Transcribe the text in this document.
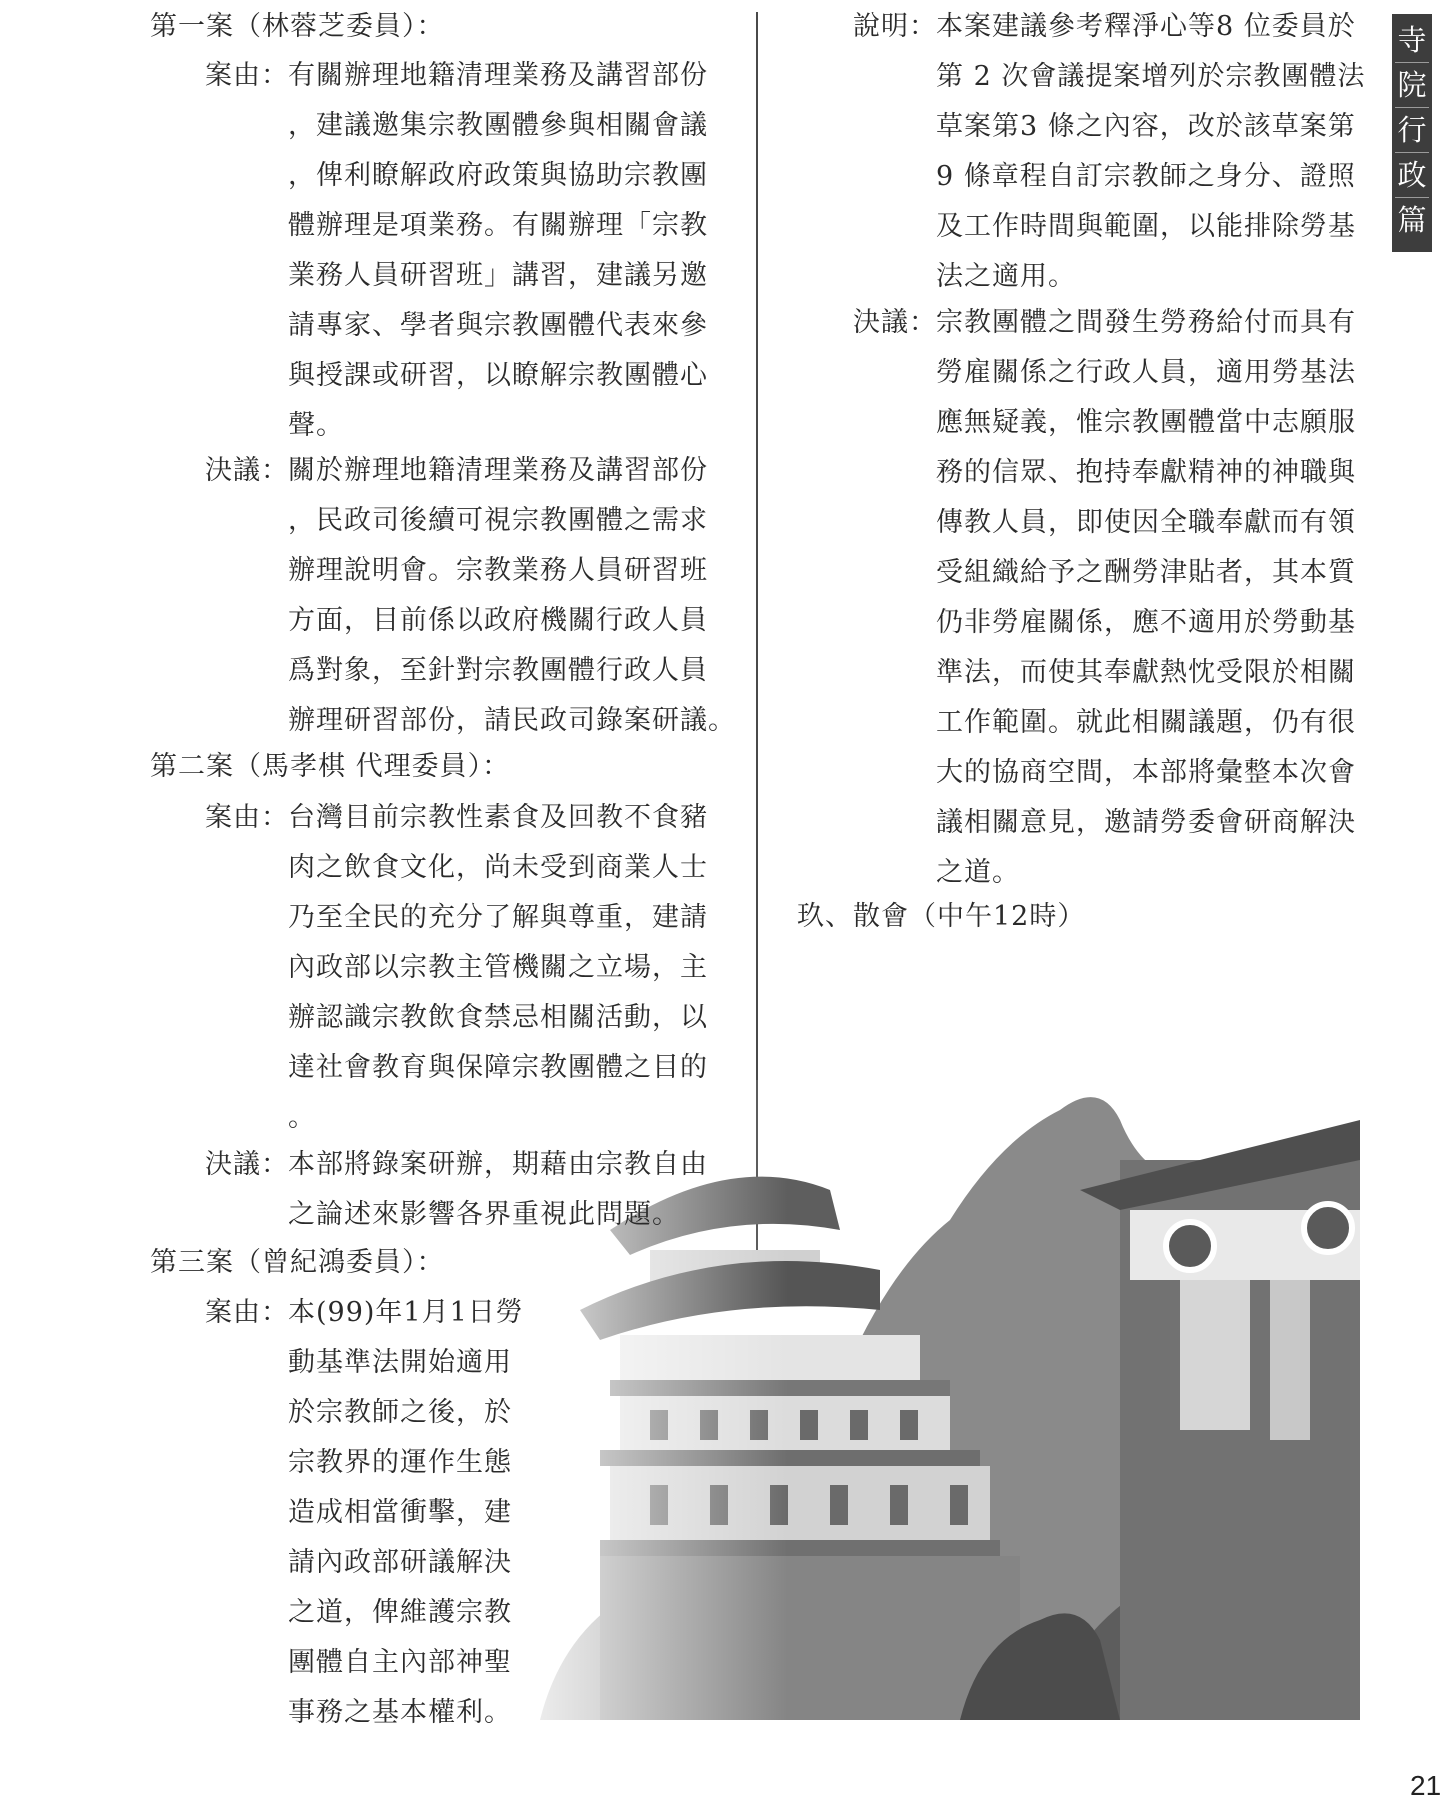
寺
院
行
政
篇
第一案（林蓉芝委員）：
案由： 有關辦理地籍清理業務及講習部份
，建議邀集宗教團體參與相關會議
，俾利瞭解政府政策與協助宗教團
體辦理是項業務。有關辦理「宗教
業務人員研習班」講習，建議另邀
請專家、學者與宗教團體代表來參
與授課或研習，以瞭解宗教團體心
聲。
決議： 關於辦理地籍清理業務及講習部份
，民政司後續可視宗教團體之需求
辦理說明會。宗教業務人員研習班
方面，目前係以政府機關行政人員
爲對象，至針對宗教團體行政人員
辦理研習部份，請民政司錄案研議。
第二案（馬孝棋 代理委員）：
案由： 台灣目前宗教性素食及回教不食豬
肉之飲食文化，尚未受到商業人士
乃至全民的充分了解與尊重，建請
內政部以宗教主管機關之立場，主
辦認識宗教飲食禁忌相關活動，以
達社會教育與保障宗教團體之目的
。
決議： 本部將錄案研辦，期藉由宗教自由
之論述來影響各界重視此問題。
第三案（曾紀鴻委員）：
案由： 本(99)年1月1日勞
動基準法開始適用
於宗教師之後，於
宗教界的運作生態
造成相當衝擊，建
請內政部研議解決
之道，俾維護宗教
團體自主內部神聖
事務之基本權利。
說明： 本案建議參考釋淨心等8 位委員於
第 2 次會議提案增列於宗教團體法
草案第3 條之內容，改於該草案第
9 條章程自訂宗教師之身分、證照
及工作時間與範圍，以能排除勞基
法之適用。
決議： 宗教團體之間發生勞務給付而具有
勞雇關係之行政人員，適用勞基法
應無疑義，惟宗教團體當中志願服
務的信眾、抱持奉獻精神的神職與
傳教人員，即使因全職奉獻而有領
受組織給予之酬勞津貼者，其本質
仍非勞雇關係，應不適用於勞動基
準法，而使其奉獻熱忱受限於相關
工作範圍。就此相關議題，仍有很
大的協商空間，本部將彙整本次會
議相關意見，邀請勞委會研商解決
之道。
玖、散會（中午12時）
21
